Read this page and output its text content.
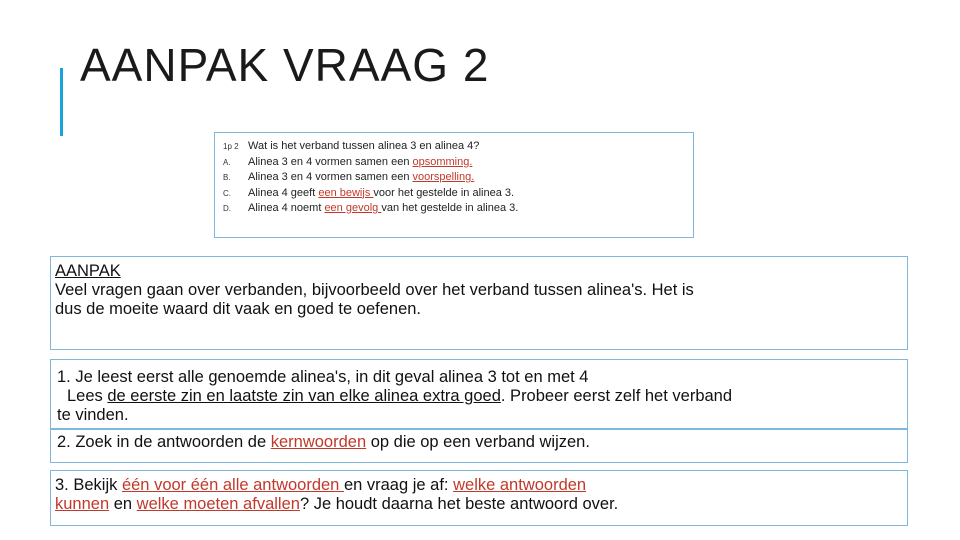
AANPAK VRAAG 2
1p 2 Wat is het verband tussen alinea 3 en alinea 4?
A. Alinea 3 en 4 vormen samen een opsomming.
B. Alinea 3 en 4 vormen samen een voorspelling.
C. Alinea 4 geeft een bewijs voor het gestelde in alinea 3.
D. Alinea 4 noemt een gevolg van het gestelde in alinea 3.
AANPAK
Veel vragen gaan over verbanden, bijvoorbeeld over het verband tussen alinea's. Het is
dus de moeite waard dit vaak en goed te oefenen.
1. Je leest eerst alle genoemde alinea's, in dit geval alinea 3 tot en met 4
Lees de eerste zin en laatste zin van elke alinea extra goed. Probeer eerst zelf het verband
te vinden.
2. Zoek in de antwoorden de kernwoorden op die op een verband wijzen.
3. Bekijk één voor één alle antwoorden en vraag je af: welke antwoorden
kunnen en welke moeten afvallen? Je houdt daarna het beste antwoord over.
